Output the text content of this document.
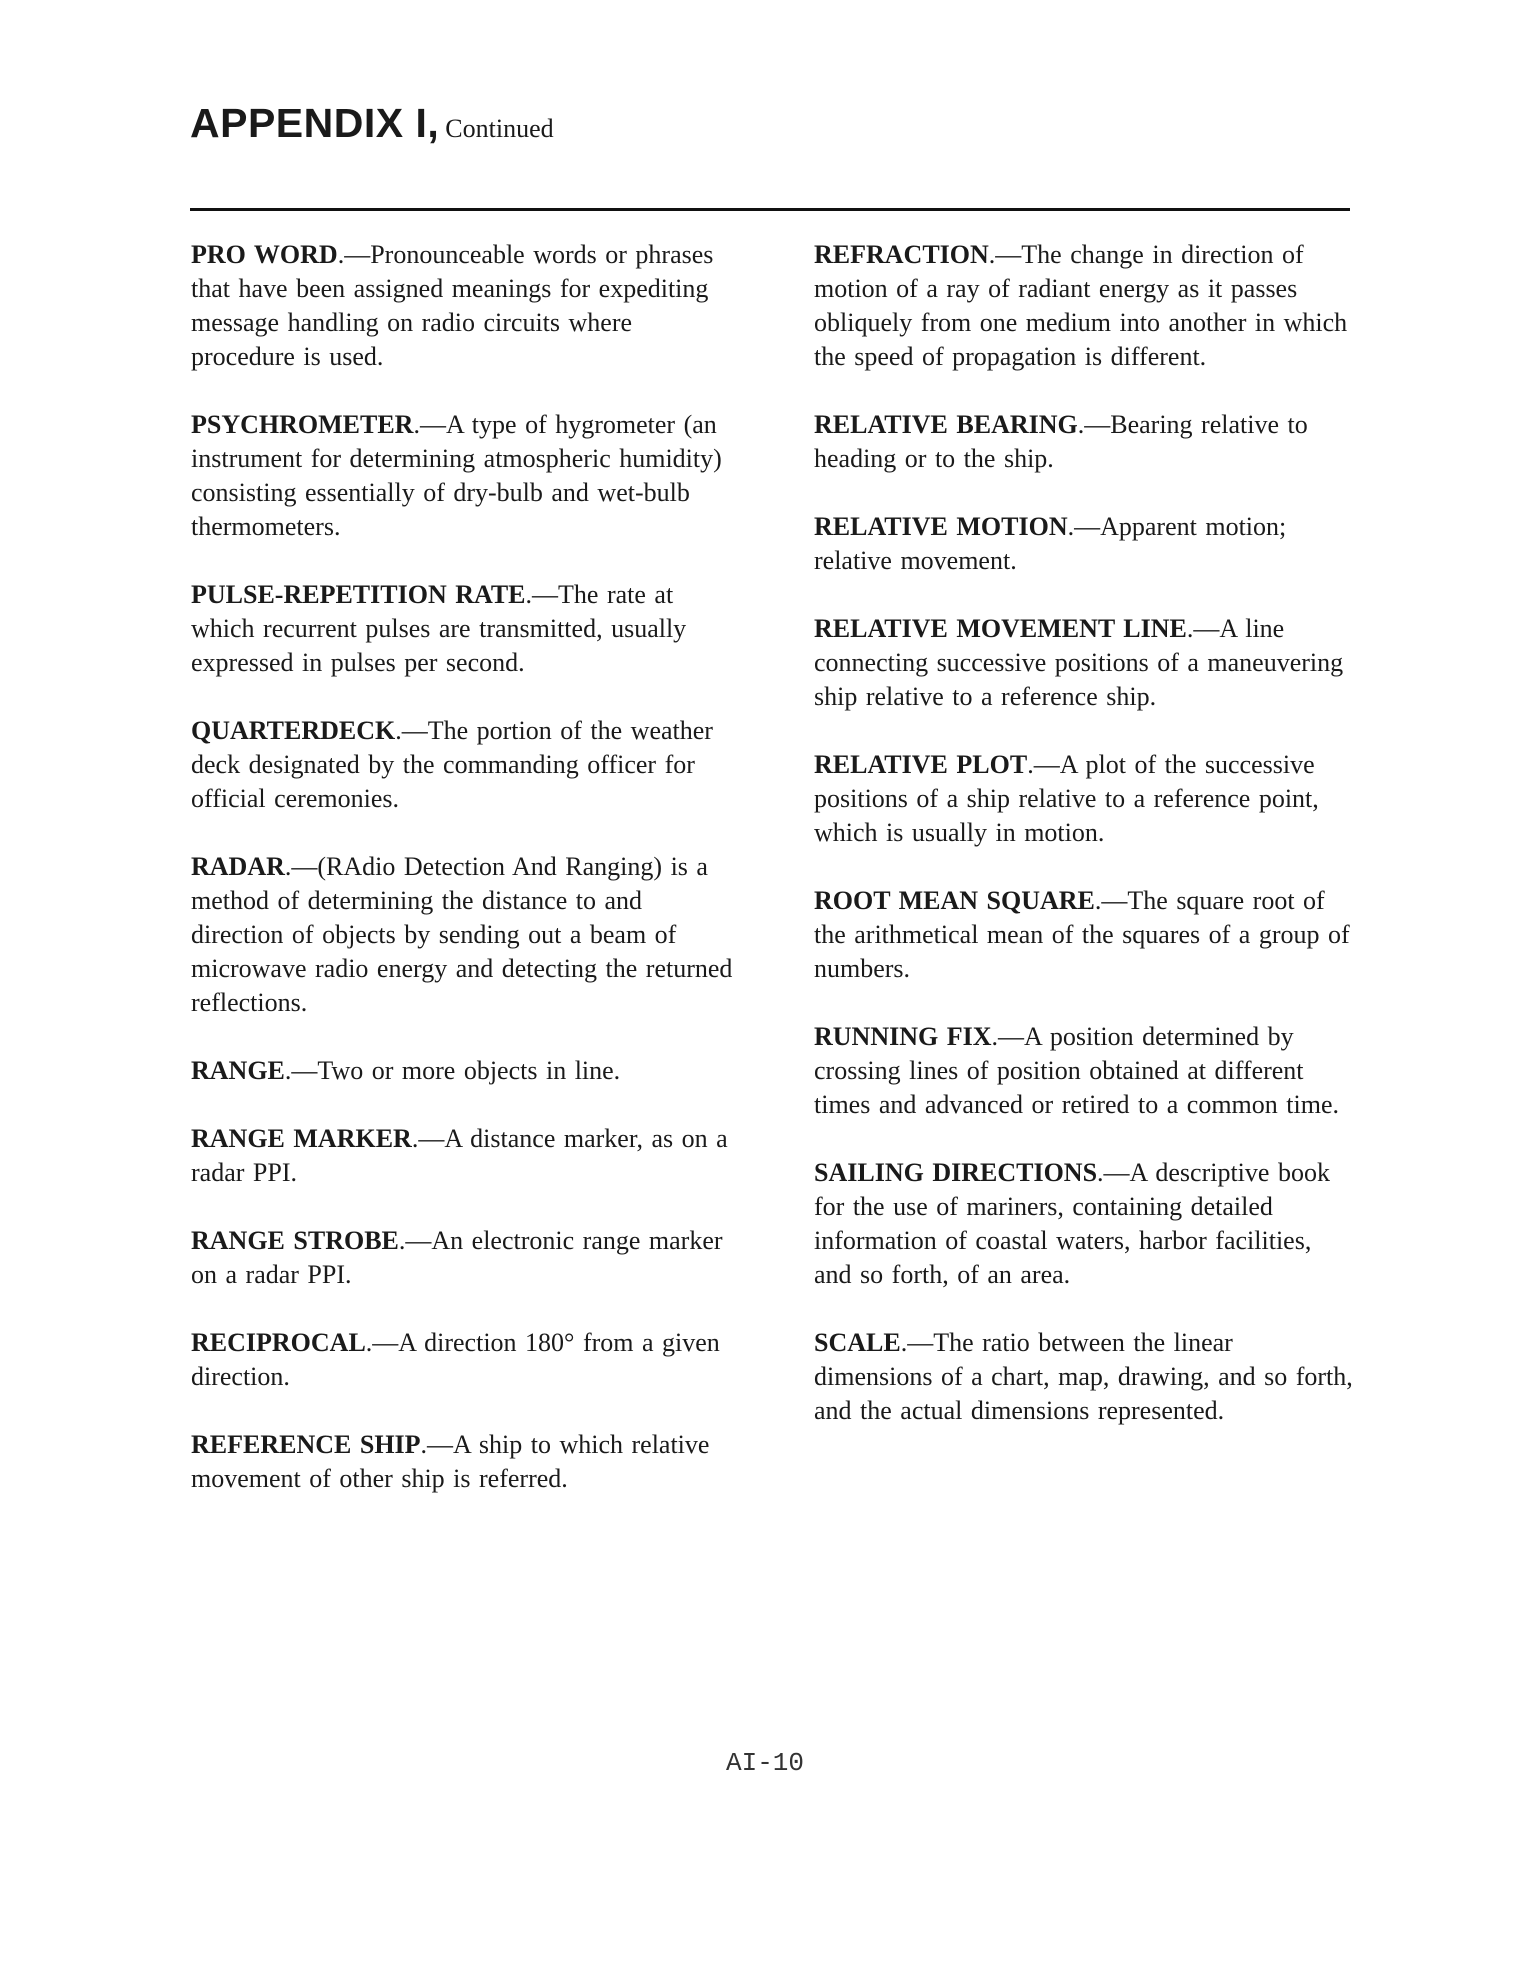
APPENDIX I, Continued

PRO WORD.—Pronounceable words or phrases that have been assigned meanings for expediting message handling on radio circuits where procedure is used.

PSYCHROMETER.—A type of hygrometer (an instrument for determining atmospheric humidity) consisting essentially of dry-bulb and wet-bulb thermometers.

PULSE-REPETITION RATE.—The rate at which recurrent pulses are transmitted, usually expressed in pulses per second.

QUARTERDECK.—The portion of the weather deck designated by the commanding officer for official ceremonies.

RADAR.—(RAdio Detection And Ranging) is a method of determining the distance to and direction of objects by sending out a beam of microwave radio energy and detecting the returned reflections.

RANGE.—Two or more objects in line.

RANGE MARKER.—A distance marker, as on a radar PPI.

RANGE STROBE.—An electronic range marker on a radar PPI.

RECIPROCAL.—A direction 180° from a given direction.

REFERENCE SHIP.—A ship to which relative movement of other ship is referred.

REFRACTION.—The change in direction of motion of a ray of radiant energy as it passes obliquely from one medium into another in which the speed of propagation is different.

RELATIVE BEARING.—Bearing relative to heading or to the ship.

RELATIVE MOTION.—Apparent motion; relative movement.

RELATIVE MOVEMENT LINE.—A line connecting successive positions of a maneuvering ship relative to a reference ship.

RELATIVE PLOT.—A plot of the successive positions of a ship relative to a reference point, which is usually in motion.

ROOT MEAN SQUARE.—The square root of the arithmetical mean of the squares of a group of numbers.

RUNNING FIX.—A position determined by crossing lines of position obtained at different times and advanced or retired to a common time.

SAILING DIRECTIONS.—A descriptive book for the use of mariners, containing detailed information of coastal waters, harbor facilities, and so forth, of an area.

SCALE.—The ratio between the linear dimensions of a chart, map, drawing, and so forth, and the actual dimensions represented.

AI-10
